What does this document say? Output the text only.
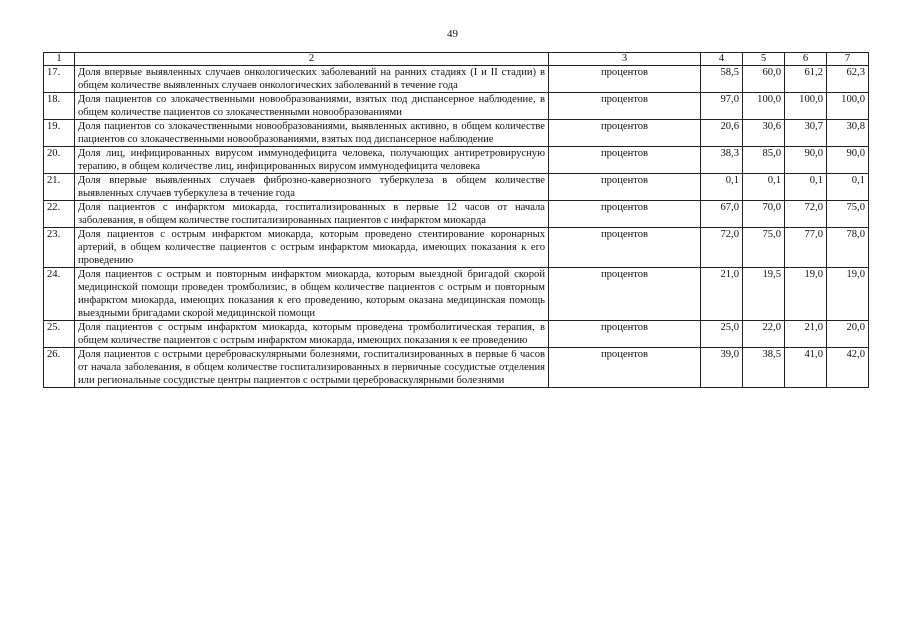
49
1	2	3	4	5	6	7
17.	Доля впервые выявленных случаев онкологических заболеваний на ранних стадиях (I и II стадии) в общем количестве выявленных случаев онкологических заболеваний в течение года	процентов	58,5	60,0	61,2	62,3
18.	Доля пациентов со злокачественными новообразованиями, взятых под диспансерное наблюдение, в общем количестве пациентов со злокачественными новообразованиями	процентов	97,0	100,0	100,0	100,0
19.	Доля пациентов со злокачественными новообразованиями, выявленных активно, в общем количестве пациентов со злокачественными новообразованиями, взятых под диспансерное наблюдение	процентов	20,6	30,6	30,7	30,8
20.	Доля лиц, инфицированных вирусом иммунодефицита человека, получающих антиретровирусную терапию, в общем количестве лиц, инфицированных вирусом иммунодефицита человека	процентов	38,3	85,0	90,0	90,0
21.	Доля впервые выявленных случаев фиброзно-кавернозного туберкулеза в общем количестве выявленных случаев туберкулеза в течение года	процентов	0,1	0,1	0,1	0,1
22.	Доля пациентов с инфарктом миокарда, госпитализированных в первые 12 часов от начала заболевания, в общем количестве госпитализированных пациентов с инфарктом миокарда	процентов	67,0	70,0	72,0	75,0
23.	Доля пациентов с острым инфарктом миокарда, которым проведено стентирование коронарных артерий, в общем количестве пациентов с острым инфарктом миокарда, имеющих показания к его проведению	процентов	72,0	75,0	77,0	78,0
24.	Доля пациентов с острым и повторным инфарктом миокарда, которым выездной бригадой скорой медицинской помощи проведен тромболизис, в общем количестве пациентов с острым и повторным инфарктом миокарда, имеющих показания к его проведению, которым оказана медицинская помощь выездными бригадами скорой медицинской помощи	процентов	21,0	19,5	19,0	19,0
25.	Доля пациентов с острым инфарктом миокарда, которым проведена тромболитическая терапия, в общем количестве пациентов с острым инфарктом миокарда, имеющих показания к ее проведению	процентов	25,0	22,0	21,0	20,0
26.	Доля пациентов с острыми цереброваскулярными болезнями, госпитализированных в первые 6 часов от начала заболевания, в общем количестве госпитализированных в первичные сосудистые отделения или региональные сосудистые центры пациентов с острыми цереброваскулярными болезнями	процентов	39,0	38,5	41,0	42,0
